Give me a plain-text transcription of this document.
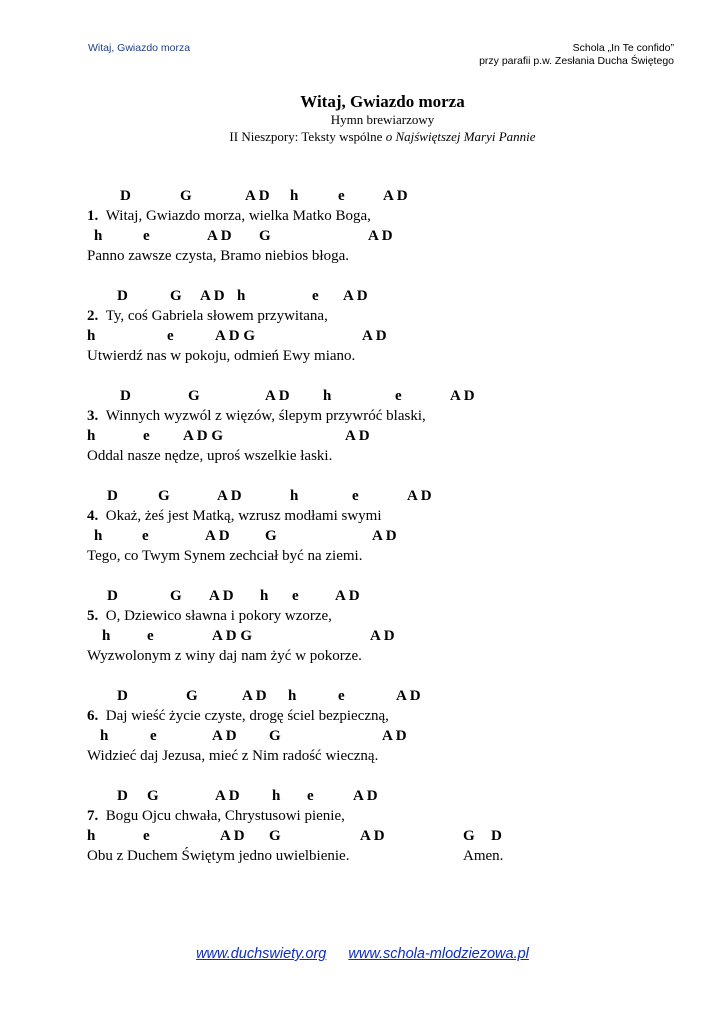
Witaj, Gwiazdo morza	Schola „In Te confido”
przy parafii p.w. Zesłania Ducha Świętego
Witaj, Gwiazdo morza
Hymn brewiarzowy
II Nieszpory: Teksty wspólne o Najświętszej Maryi Pannie
D	G	A D h	e	A D
1. Witaj, Gwiazdo morza, wielka Matko Boga,
h	e	A D G	A D
Panno zawsze czysta, Bramo niebios błoga.
D	G A D h	e A D
2. Ty, coś Gabriela słowem przywitana,
h	e	A D G	A D
Utwierdź nas w pokoju, odmień Ewy miano.
D	G	A D h	e	A D
3. Winnych wyzwól z więzów, ślepym przywróć blaski,
h	e A D G	A D
Oddal nasze nędze, uproś wszelkie łaski.
D	G	A D	h	e	A D
4. Okaż, żeś jest Matką, wzrusz modłami swymi
h	e	A D G	A D
Tego, co Twym Synem zechciał być na ziemi.
D	G A D h e A D
5. O, Dziewico sławna i pokory wzorze,
h e	A D G	A D
Wyzwolonym z winy daj nam żyć w pokorze.
D	G	A D h	e	A D
6. Daj wieść życie czyste, drogę ściel bezpieczną,
h	e	A D G	A D
Widzieć daj Jezusa, mieć z Nim radość wieczną.
D G	A D h e	A D
7. Bogu Ojcu chwała, Chrystusowi pienie,
h	e	A D G	A D	G D
Obu z Duchem Świętym jedno uwielbienie.	Amen.
www.duchswiety.org www.schola-mlodziezowa.pl
